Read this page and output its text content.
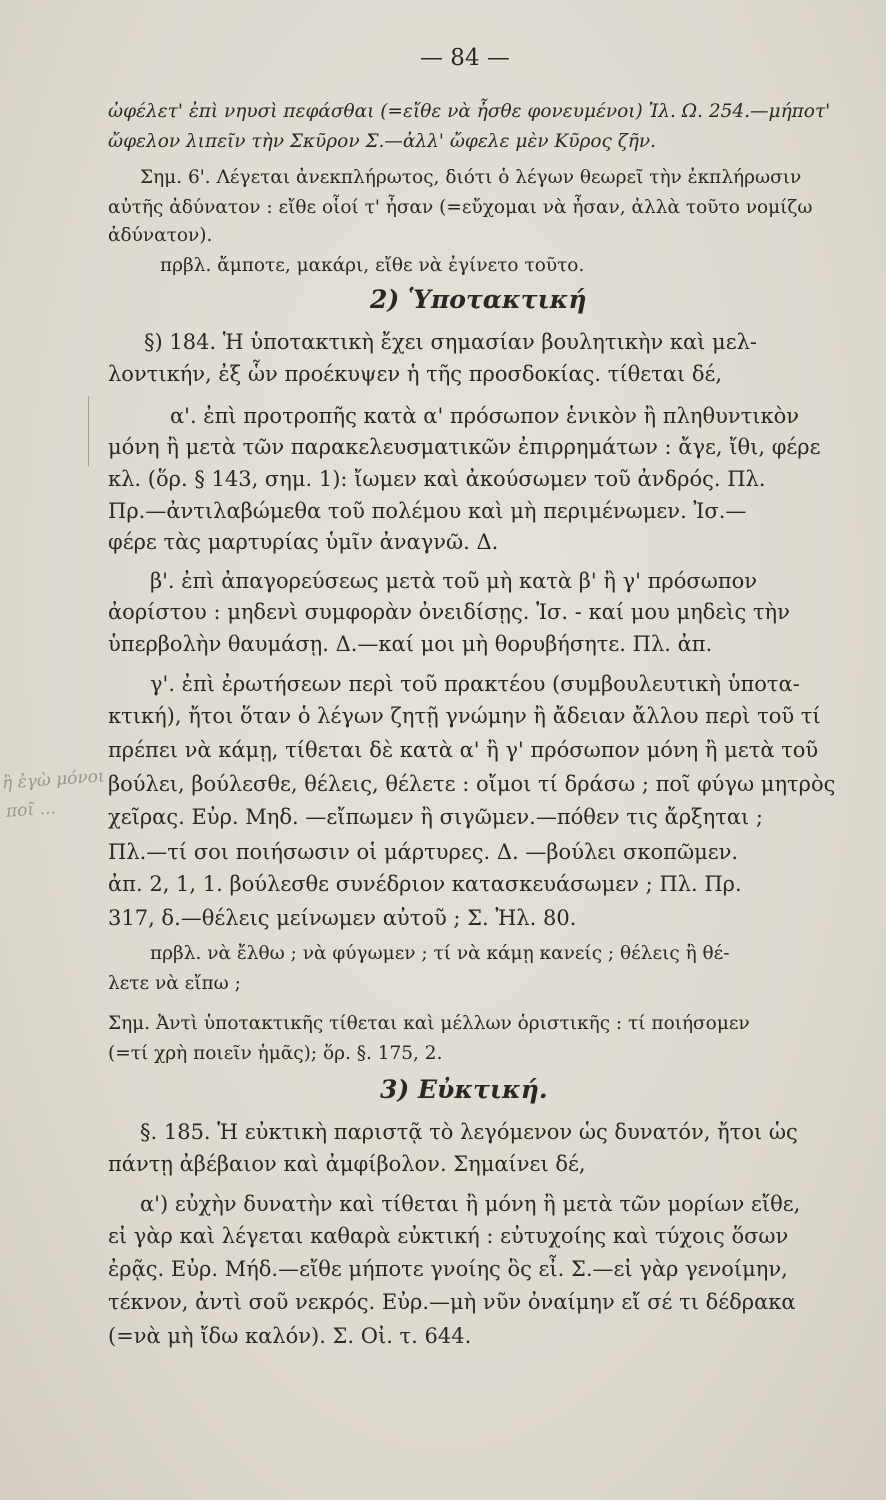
— 84 —
ὠφέλετ' ἐπὶ νηυσὶ πεφάσθαι (=εἴθε νὰ ἦσθε φονευμένοι) Ἰλ. Ω. 254.—μήποτ'
ὤφελον λιπεῖν τὴν Σκῦρον Σ.—ἀλλ' ὤφελε μὲν Κῦρος ζῆν.
Σημ. 6'. Λέγεται ἀνεκπλήρωτος, διότι ὁ λέγων θεωρεῖ τὴν ἐκπλήρωσιν
αὐτῆς ἀδύνατον : εἴθε οἷοί τ' ἦσαν (=εὔχομαι νὰ ἦσαν, ἀλλὰ τοῦτο νομίζω
ἀδύνατον).
πρβλ. ἄμποτε, μακάρι, εἴθε νὰ ἐγίνετο τοῦτο.
2) Ὑποτακτική
§) 184. Ἡ ὑποτακτικὴ ἔχει σημασίαν βουλητικὴν καὶ μελ-
λοντικήν, ἐξ ὧν προέκυψεν ἡ τῆς προσδοκίας. τίθεται δέ,
α'. ἐπὶ προτροπῆς κατὰ α' πρόσωπον ἑνικὸν ἢ πληθυντικὸν
μόνη ἢ μετὰ τῶν παρακελευσματικῶν ἐπιρρημάτων : ἄγε, ἴθι, φέρε
κλ. (ὅρ. § 143, σημ. 1): ἴωμεν καὶ ἀκούσωμεν τοῦ ἀνδρός. Πλ.
Πρ.—ἀντιλαβώμεθα τοῦ πολέμου καὶ μὴ περιμένωμεν. Ἰσ.—
φέρε τὰς μαρτυρίας ὑμῖν ἀναγνῶ. Δ.
β'. ἐπὶ ἀπαγορεύσεως μετὰ τοῦ μὴ κατὰ β' ἢ γ' πρόσωπον
ἀορίστου : μηδενὶ συμφορὰν ὀνειδίσῃς. Ἰσ. - καί μου μηδεὶς τὴν
ὑπερβολὴν θαυμάσῃ. Δ.—καί μοι μὴ θορυβήσητε. Πλ. ἀπ.
γ'. ἐπὶ ἐρωτήσεων περὶ τοῦ πρακτέου (συμβουλευτικὴ ὑποτα-
κτική), ἤτοι ὅταν ὁ λέγων ζητῇ γνώμην ἢ ἄδειαν ἄλλου περὶ τοῦ τί
πρέπει νὰ κάμῃ, τίθεται δὲ κατὰ α' ἢ γ' πρόσωπον μόνη ἢ μετὰ τοῦ
βούλει, βούλεσθε, θέλεις, θέλετε : οἴμοι τί δράσω ; ποῖ φύγω μητρὸς
χεῖρας. Εὐρ. Μηδ. —εἴπωμεν ἢ σιγῶμεν.—πόθεν τις ἄρξηται ;
Πλ.—τί σοι ποιήσωσιν οἱ μάρτυρες. Δ. —βούλει σκοπῶμεν.
ἀπ. 2, 1, 1. βούλεσθε συνέδριον κατασκευάσωμεν ; Πλ. Πρ.
317, δ.—θέλεις μείνωμεν αὐτοῦ ; Σ. Ἠλ. 80.
πρβλ. νὰ ἔλθω ; νὰ φύγωμεν ; τί νὰ κάμῃ κανείς ; θέλεις ἢ θέ-
λετε νὰ εἴπω ;
Σημ. Ἀντὶ ὑποτακτικῆς τίθεται καὶ μέλλων ὁριστικῆς : τί ποιήσομεν
(=τί χρὴ ποιεῖν ἡμᾶς); ὅρ. §. 175, 2.
3) Εὐκτική.
§. 185. Ἡ εὐκτικὴ παριστᾷ τὸ λεγόμενον ὡς δυνατόν, ἤτοι ὡς
πάντῃ ἀβέβαιον καὶ ἀμφίβολον. Σημαίνει δέ,
α') εὐχὴν δυνατὴν καὶ τίθεται ἢ μόνη ἢ μετὰ τῶν μορίων εἴθε,
εἰ γὰρ καὶ λέγεται καθαρὰ εὐκτική : εὐτυχοίης καὶ τύχοις ὅσων
ἐρᾷς. Εὐρ. Μήδ.—εἴθε μήποτε γνοίης ὃς εἶ. Σ.—εἰ γὰρ γενοίμην,
τέκνον, ἀντὶ σοῦ νεκρός. Εὐρ.—μὴ νῦν ὀναίμην εἴ σέ τι δέδρακα
(=νὰ μὴ ἴδω καλόν). Σ. Οἰ. τ. 644.
ἢ ἐγὼ μόνοι
ποῖ ...
